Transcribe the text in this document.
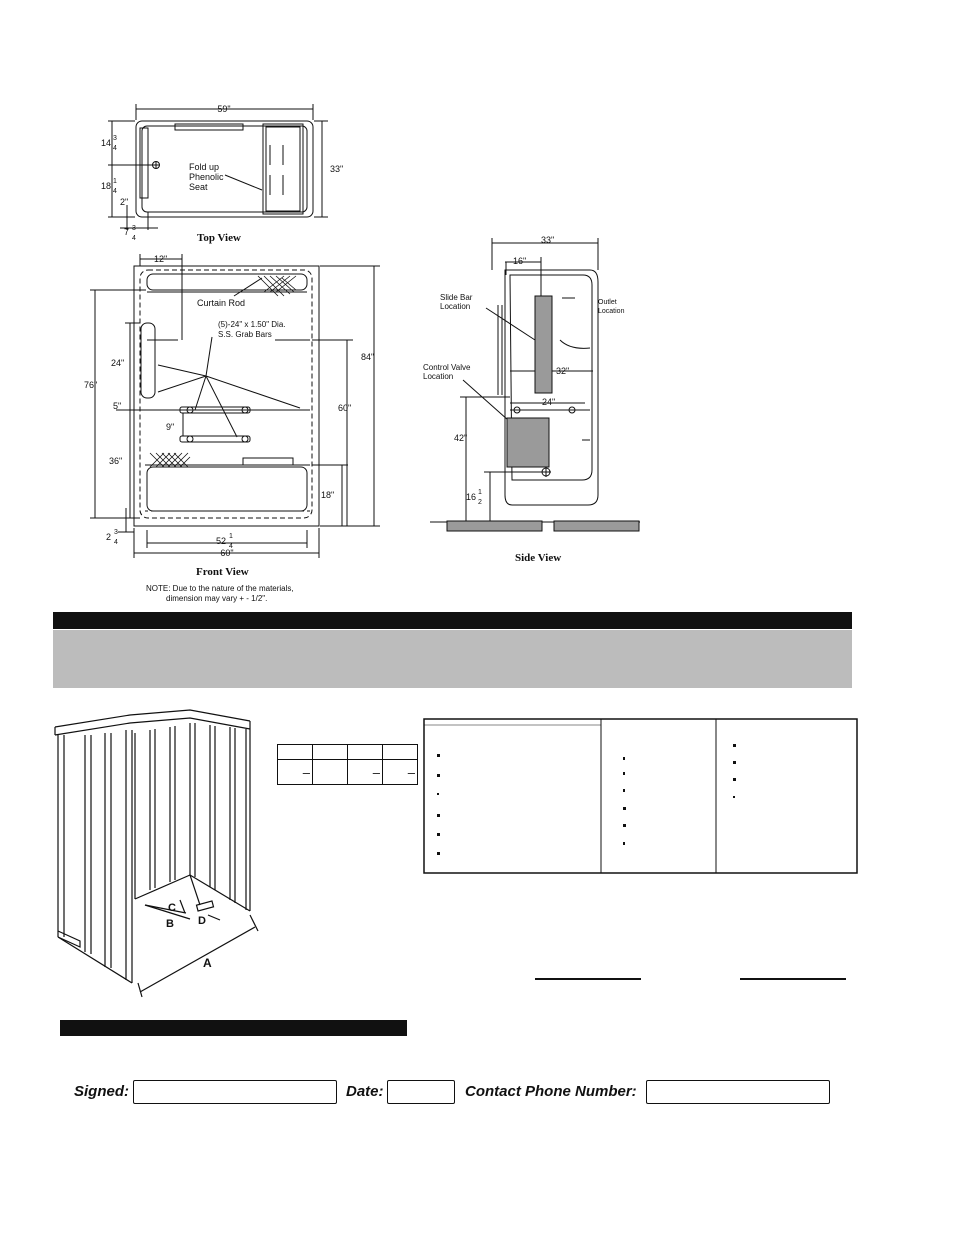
59"
33"
14 3
4
18 1
4
2"
7 3
4
Fold up
Phenolic
Seat
Top View
12"
84"
76"
24"
5"
9"
36"
60"
18"
2 3
4	52 1
4
60"
Curtain Rod
(5)-24" x 1.50" Dia.
S.S. Grab Bars
Front View
NOTE: Due to the nature of the materials,
dimension may vary + - 1/2".
33"
16"
32"
24"
42"
16 1
2
Slide Bar
Location	Outlet
Location
Control Valve
Location
Side View
C
B D
A

–		–	–
Signed:	Date:	Contact Phone Number:
